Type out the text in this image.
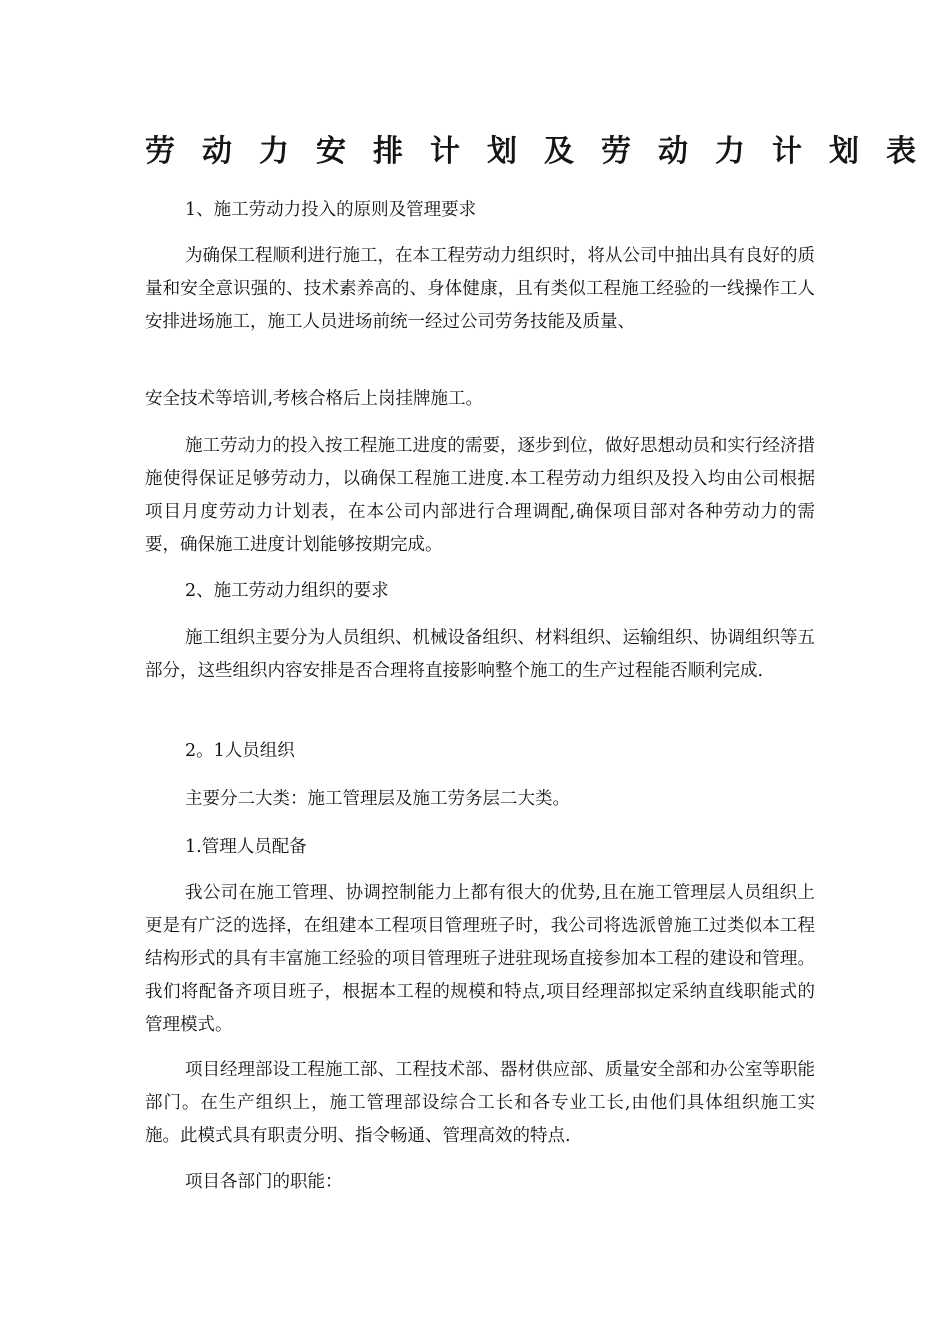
劳动力安排计划及劳动力计划表

1、施工劳动力投入的原则及管理要求

为确保工程顺利进行施工，在本工程劳动力组织时，将从公司中抽出具有良好的质量和安全意识强的、技术素养高的、身体健康，且有类似工程施工经验的一线操作工人安排进场施工，施工人员进场前统一经过公司劳务技能及质量、

安全技术等培训,考核合格后上岗挂牌施工。

施工劳动力的投入按工程施工进度的需要，逐步到位，做好思想动员和实行经济措施使得保证足够劳动力，以确保工程施工进度.本工程劳动力组织及投入均由公司根据项目月度劳动力计划表，在本公司内部进行合理调配,确保项目部对各种劳动力的需要，确保施工进度计划能够按期完成。

2、施工劳动力组织的要求

施工组织主要分为人员组织、机械设备组织、材料组织、运输组织、协调组织等五部分，这些组织内容安排是否合理将直接影响整个施工的生产过程能否顺利完成.

2。1人员组织

主要分二大类：施工管理层及施工劳务层二大类。

1.管理人员配备

我公司在施工管理、协调控制能力上都有很大的优势,且在施工管理层人员组织上更是有广泛的选择，在组建本工程项目管理班子时，我公司将选派曾施工过类似本工程结构形式的具有丰富施工经验的项目管理班子进驻现场直接参加本工程的建设和管理。我们将配备齐项目班子，根据本工程的规模和特点,项目经理部拟定采纳直线职能式的管理模式。

项目经理部设工程施工部、工程技术部、器材供应部、质量安全部和办公室等职能部门。在生产组织上，施工管理部设综合工长和各专业工长,由他们具体组织施工实施。此模式具有职责分明、指令畅通、管理高效的特点.

项目各部门的职能：
